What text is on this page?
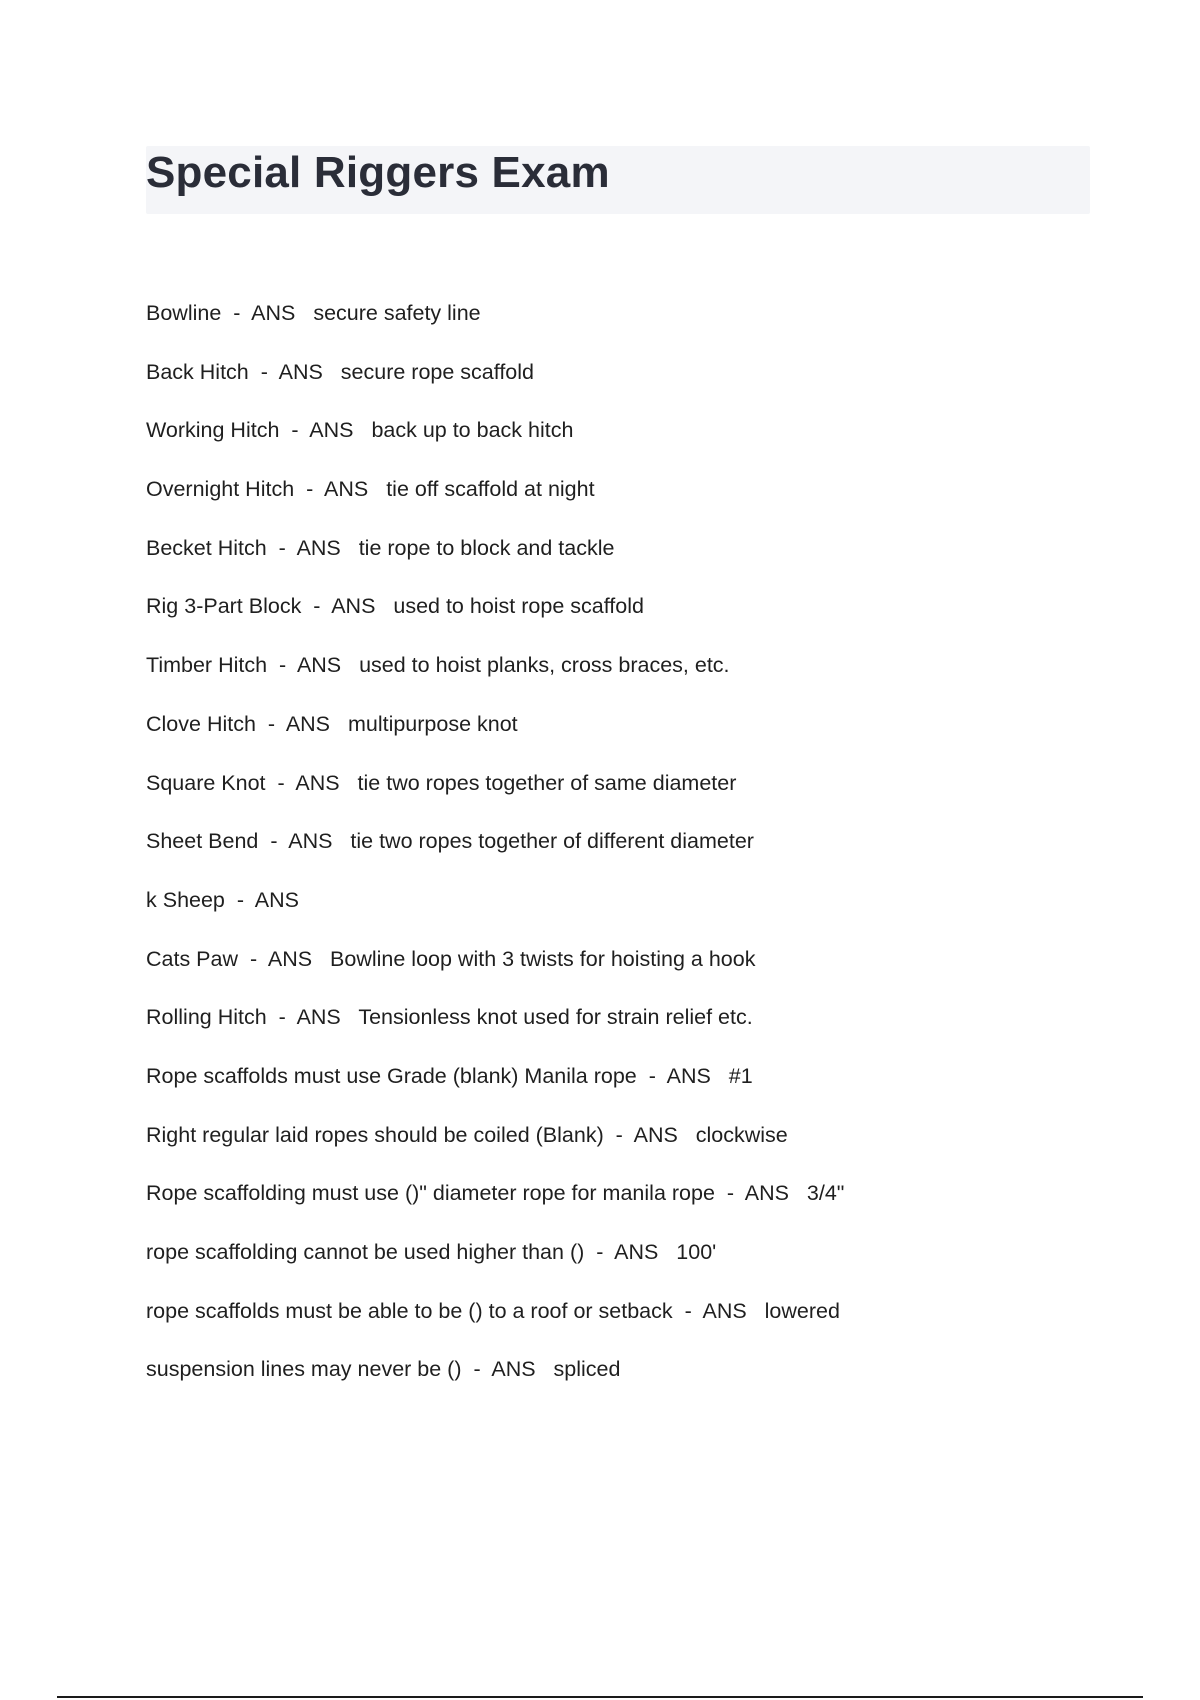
Special Riggers Exam
Bowline  -  ANS secure safety line
Back Hitch  -  ANS secure rope scaffold
Working Hitch  -  ANS back up to back hitch
Overnight Hitch  -  ANS tie off scaffold at night
Becket Hitch  -  ANS tie rope to block and tackle
Rig 3-Part Block  -  ANS used to hoist rope scaffold
Timber Hitch  -  ANS used to hoist planks, cross braces, etc.
Clove Hitch  -  ANS multipurpose knot
Square Knot  -  ANS tie two ropes together of same diameter
Sheet Bend  -  ANS tie two ropes together of different diameter
k Sheep  -  ANS
Cats Paw  -  ANS Bowline loop with 3 twists for hoisting a hook
Rolling Hitch  -  ANS Tensionless knot used for strain relief etc.
Rope scaffolds must use Grade (blank) Manila rope  -  ANS #1
Right regular laid ropes should be coiled (Blank)  -  ANS clockwise
Rope scaffolding must use ()" diameter rope for manila rope  -  ANS 3/4"
rope scaffolding cannot be used higher than ()  -  ANS 100'
rope scaffolds must be able to be () to a roof or setback  -  ANS lowered
suspension lines may never be ()  -  ANS spliced
